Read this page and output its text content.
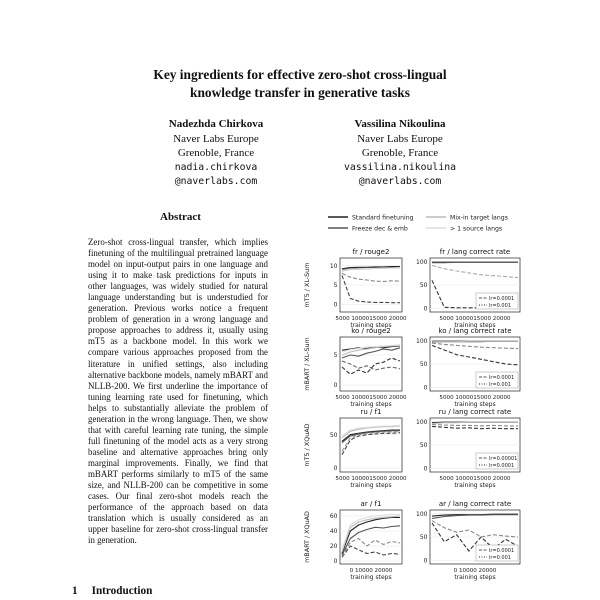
Key ingredients for effective zero-shot cross-lingual
knowledge transfer in generative tasks
Nadezhda Chirkova
Naver Labs Europe
Grenoble, France
nadia.chirkova
@naverlabs.com
Vassilina Nikoulina
Naver Labs Europe
Grenoble, France
vassilina.nikoulina
@naverlabs.com
Abstract
Zero-shot cross-lingual transfer, which implies finetuning of the multilingual pretrained language model on input-output pairs in one language and using it to make task predictions for inputs in other languages, was widely studied for natural language understanding but is understudied for generation. Previous works notice a frequent problem of generation in a wrong language and propose approaches to address it, usually using mT5 as a backbone model. In this work we compare various approaches proposed from the literature in unified settings, also including alternative backbone models, namely mBART and NLLB-200. We first underline the importance of tuning learning rate used for finetuning, which helps to substantially alleviate the problem of generation in the wrong language. Then, we show that with careful learning rate tuning, the simple full finetuning of the model acts as a very strong baseline and alternative approaches bring only marginal improvements. Finally, we find that mBART performs similarly to mT5 of the same size, and NLLB-200 can be competitive in some cases. Our final zero-shot models reach the performance of the approach based on data translation which is usually considered as an upper baseline for zero-shot cross-lingual transfer in generation.
1 Introduction
Standard finetuning	Mix-in target langs
Freeze dec & emb	> 1 source langs
mT5 / XL-Sum
fr / rouge2
0
5
10
5000 1000015000 20000
training steps
fr / lang correct rate
0
50
100
5000 1000015000 20000
training steps
lr=0.0001
lr=0.001
mBART / XL-Sum
ko / rouge2
0
5
5000 1000015000 20000
training steps
ko / lang correct rate
0
50
100
5000 1000015000 20000
training steps
lr=0.0001
lr=0.001
mT5 / XQuAD
ru / f1
0
50
5000 1000015000 20000
training steps
ru / lang correct rate
0
50
100
5000 1000015000 20000
training steps
lr=0.00001
lr=0.0001
mBART / XQuAD
ar / f1
0
20
40
60
0 10000 20000
training steps
ar / lang correct rate
0
50
100
0 10000 20000
training steps
lr=0.0001
lr=0.001
